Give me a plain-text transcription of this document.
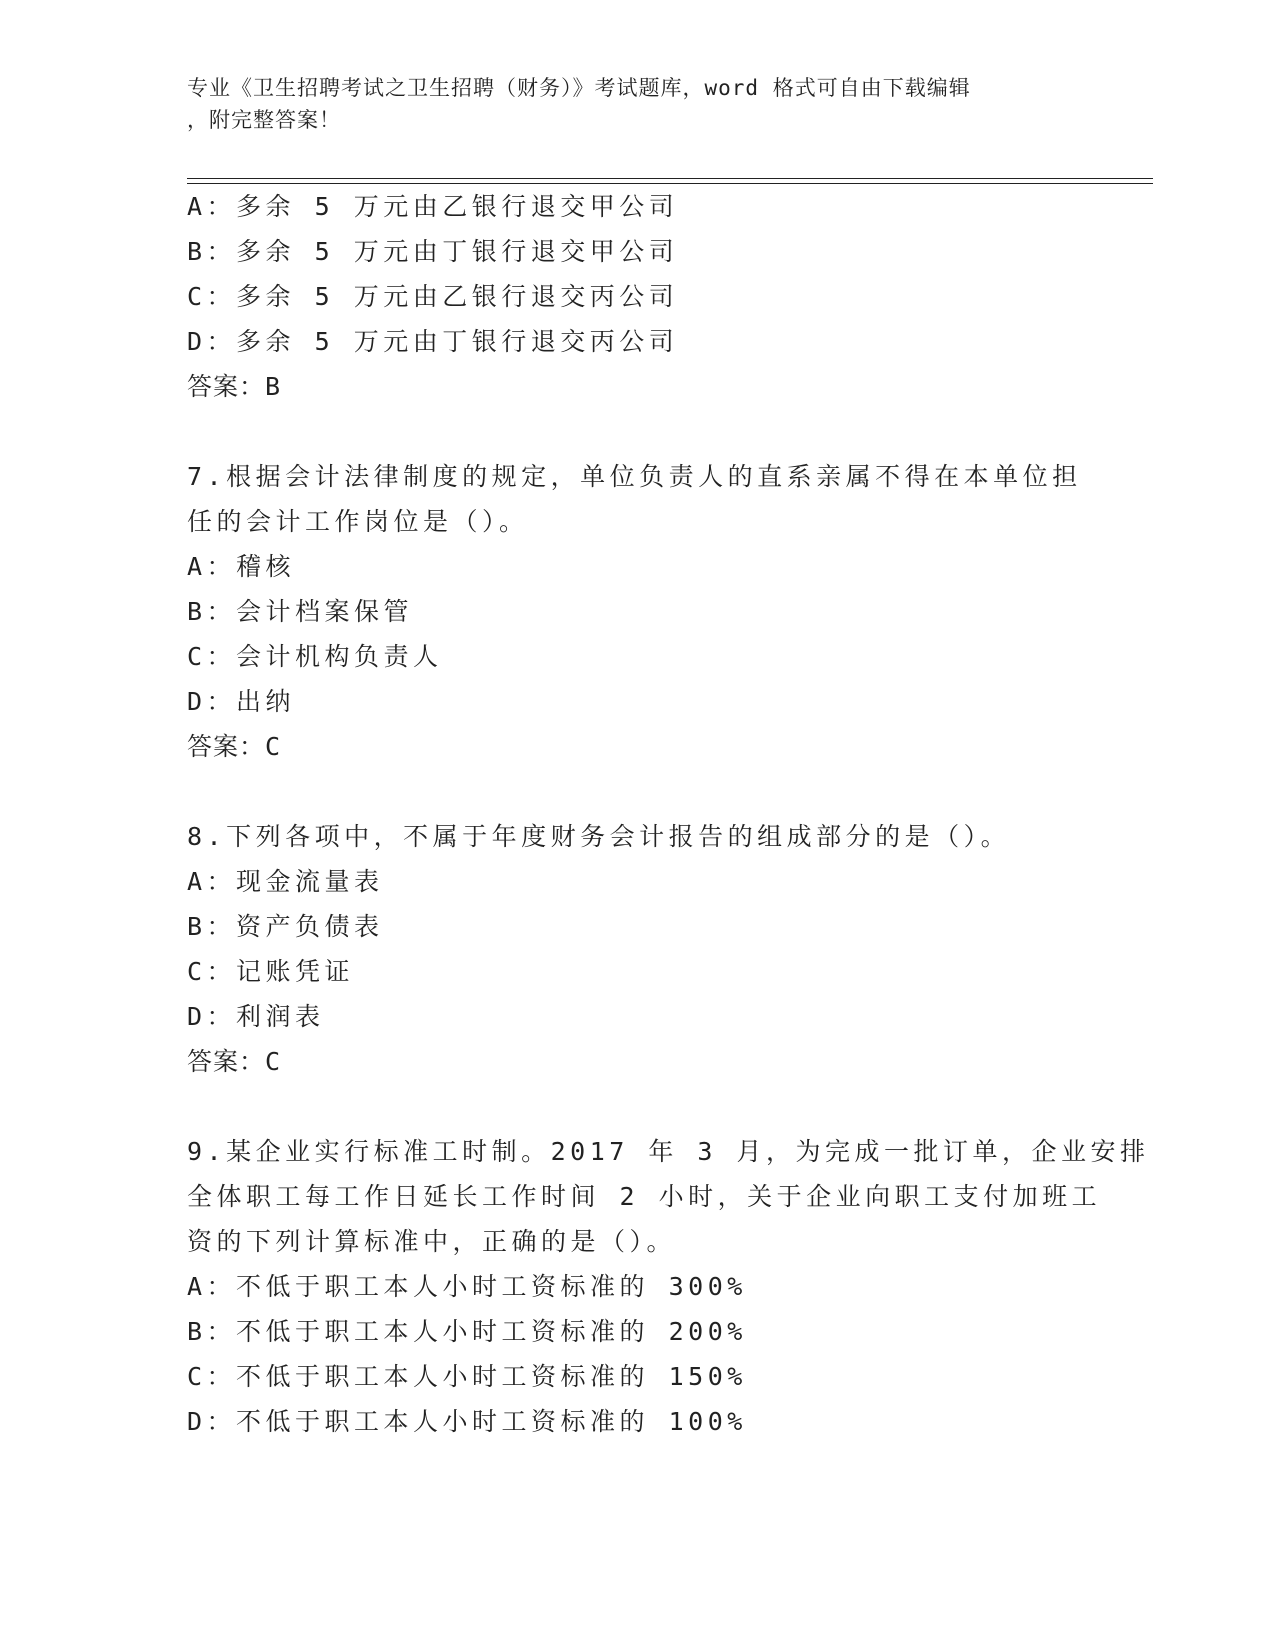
专业《卫生招聘考试之卫生招聘（财务）》考试题库，word 格式可自由下载编辑
，附完整答案！
A：多余 5 万元由乙银行退交甲公司
B：多余 5 万元由丁银行退交甲公司
C：多余 5 万元由乙银行退交丙公司
D：多余 5 万元由丁银行退交丙公司
答案：B
7.根据会计法律制度的规定，单位负责人的直系亲属不得在本单位担
任的会计工作岗位是（）。
A：稽核
B：会计档案保管
C：会计机构负责人
D：出纳
答案：C
8.下列各项中，不属于年度财务会计报告的组成部分的是（）。
A：现金流量表
B：资产负债表
C：记账凭证
D：利润表
答案：C
9.某企业实行标准工时制。2017 年 3 月，为完成一批订单，企业安排
全体职工每工作日延长工作时间 2 小时，关于企业向职工支付加班工
资的下列计算标准中，正确的是（）。
A：不低于职工本人小时工资标准的 300%
B：不低于职工本人小时工资标准的 200%
C：不低于职工本人小时工资标准的 150%
D：不低于职工本人小时工资标准的 100%
